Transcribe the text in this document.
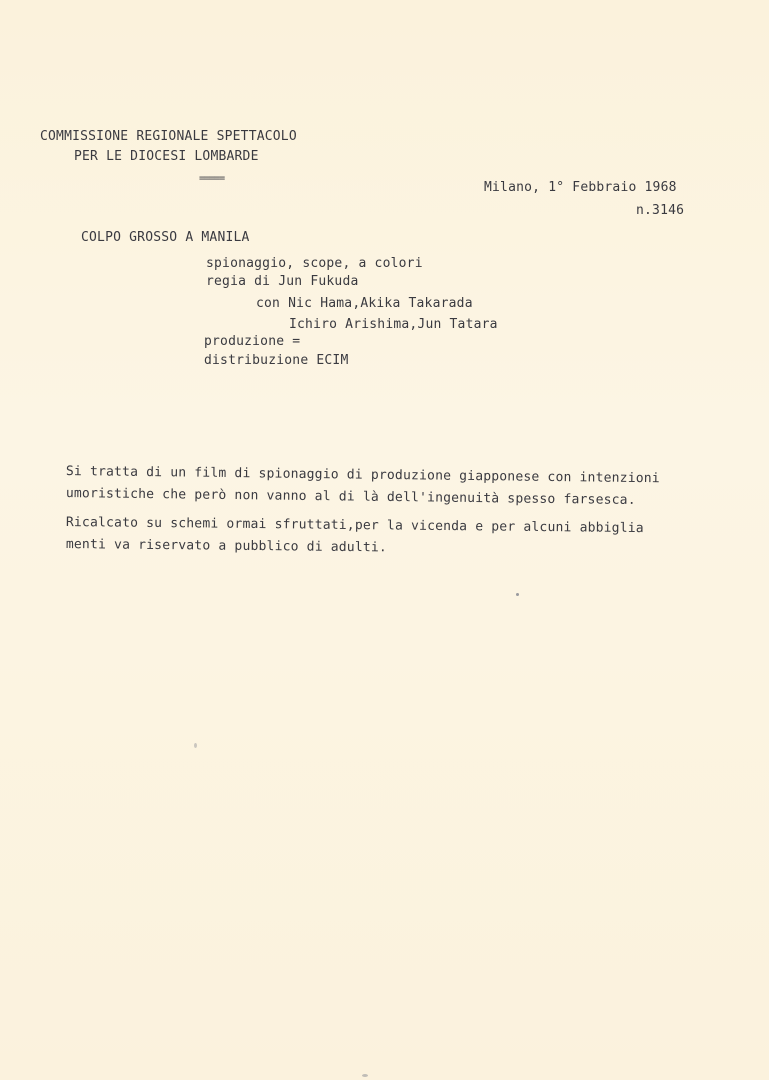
COMMISSIONE REGIONALE SPETTACOLO
PER LE DIOCESI LOMBARDE
=====
Milano, 1° Febbraio 1968
n.3146
COLPO GROSSO A MANILA
spionaggio, scope, a colori
regia di Jun Fukuda
con Nic Hama,Akika Takarada
Ichiro Arishima,Jun Tatara
produzione =
distribuzione ECIM
Si tratta di un film di spionaggio di produzione giapponese con intenzioni
umoristiche che però non vanno al di là dell'ingenuità spesso farsesca.
Ricalcato su schemi ormai sfruttati,per la vicenda e per alcuni abbiglia
menti va riservato a pubblico di adulti.
